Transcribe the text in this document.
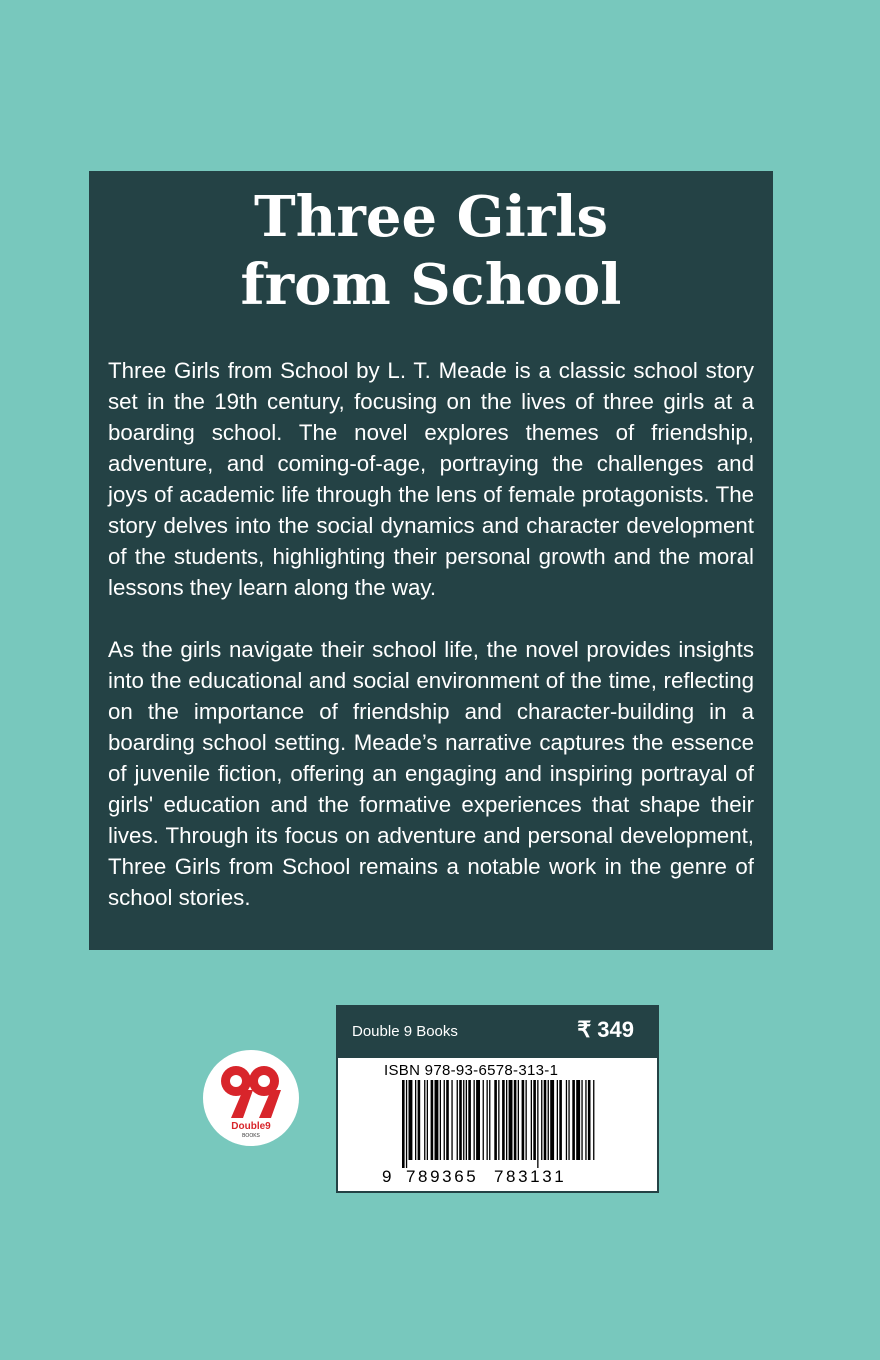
Three Girls
from School

Three Girls from School by L. T. Meade is a classic school story set in the 19th century, focusing on the lives of three girls at a boarding school. The novel explores themes of friendship, adventure, and coming-of-age, portraying the challenges and joys of academic life through the lens of female protagonists. The story delves into the social dynamics and character development of the students, highlighting their personal growth and the moral lessons they learn along the way.

As the girls navigate their school life, the novel provides insights into the educational and social environment of the time, reflecting on the importance of friendship and character-building in a boarding school setting. Meade’s narrative captures the essence of juvenile fiction, offering an engaging and inspiring portrayal of girls' education and the formative experiences that shape their lives. Through its focus on adventure and personal development, Three Girls from School remains a notable work in the genre of school stories.

Double9
BOOKS
Double 9 Books	₹ 349
ISBN 978-93-6578-313-1
9 789365 783131
